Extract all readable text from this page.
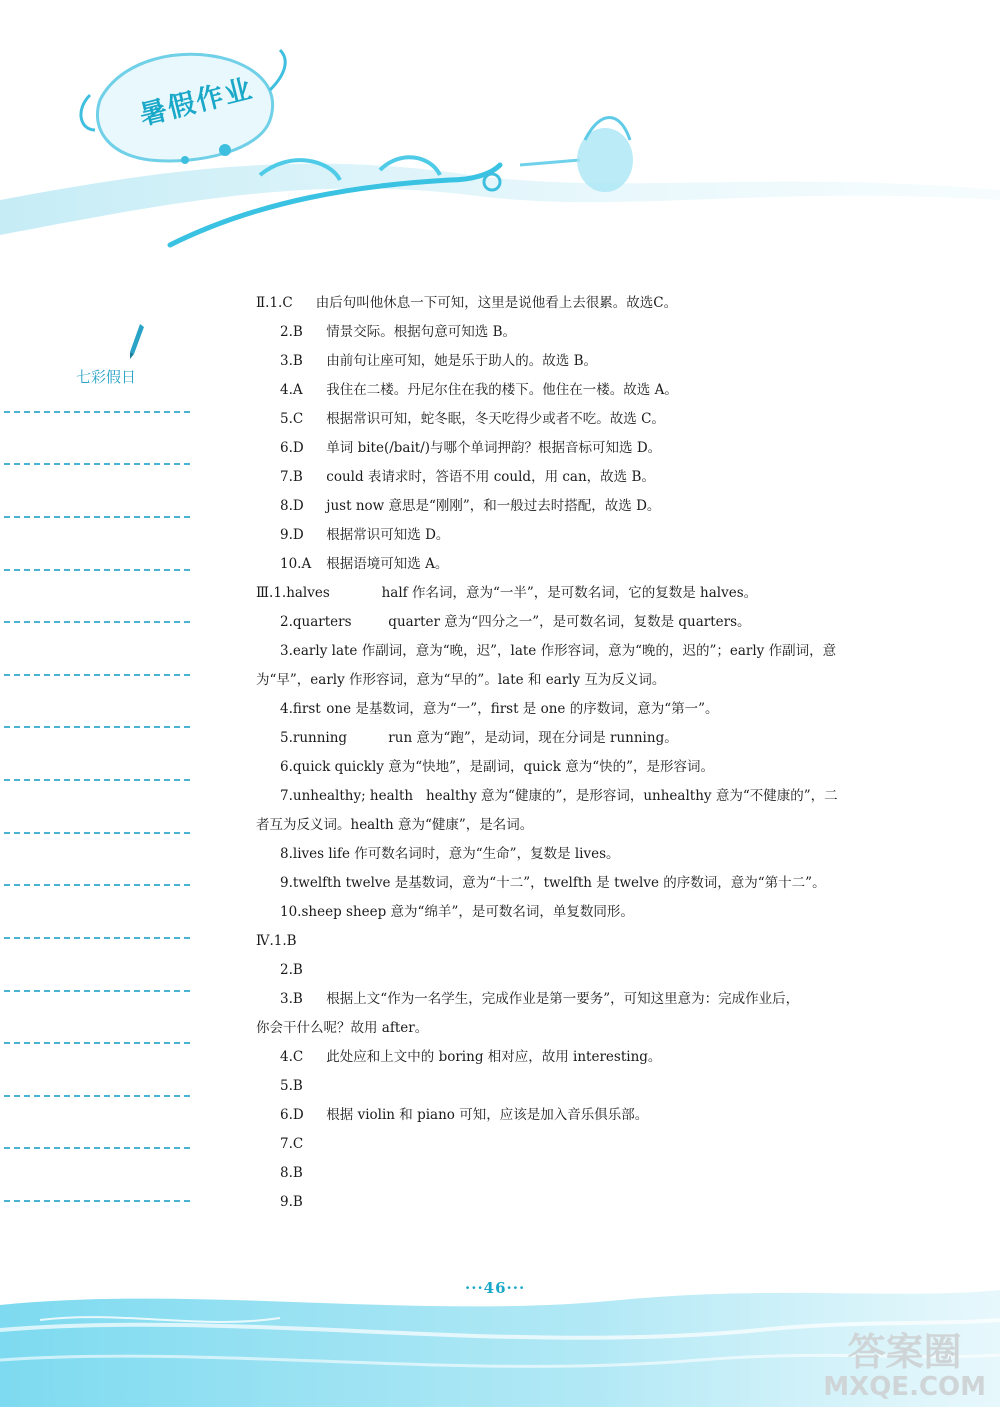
暑假作业
七彩假日
Ⅱ.1.C 由后句叫他休息一下可知，这里是说他看上去很累。故选C。
2.B 情景交际。根据句意可知选 B。
3.B 由前句让座可知，她是乐于助人的。故选 B。
4.A 我住在二楼。丹尼尔住在我的楼下。他住在一楼。故选 A。
5.C 根据常识可知，蛇冬眠，冬天吃得少或者不吃。故选 C。
6.D 单词 bite(/bait/)与哪个单词押韵？根据音标可知选 D。
7.B could 表请求时，答语不用 could，用 can，故选 B。
8.D just now 意思是“刚刚”，和一般过去时搭配，故选 D。
9.D 根据常识可知选 D。
10.A 根据语境可知选 A。
Ⅲ.1.halves	half 作名词，意为“一半”，是可数名词，它的复数是 halves。
2.quarters	quarter 意为“四分之一”，是可数名词，复数是 quarters。
3.early late 作副词，意为“晚，迟”，late 作形容词，意为“晚的，迟的”；early 作副词，意
为“早”，early 作形容词，意为“早的”。late 和 early 互为反义词。
4.first one 是基数词，意为“一”，first 是 one 的序数词，意为“第一”。
5.running	run 意为“跑”，是动词，现在分词是 running。
6.quick quickly 意为“快地”，是副词，quick 意为“快的”，是形容词。
7.unhealthy; health healthy 意为“健康的”，是形容词，unhealthy 意为“不健康的”，二
者互为反义词。health 意为“健康”，是名词。
8.lives life 作可数名词时，意为“生命”，复数是 lives。
9.twelfth twelve 是基数词，意为“十二”，twelfth 是 twelve 的序数词，意为“第十二”。
10.sheep sheep 意为“绵羊”，是可数名词，单复数同形。
Ⅳ.1.B
2.B
3.B 根据上文“作为一名学生，完成作业是第一要务”，可知这里意为：完成作业后，
你会干什么呢？故用 after。
4.C 此处应和上文中的 boring 相对应，故用 interesting。
5.B
6.D 根据 violin 和 piano 可知，应该是加入音乐俱乐部。
7.C
8.B
9.B
···46···
答案圈
MXQE.COM
